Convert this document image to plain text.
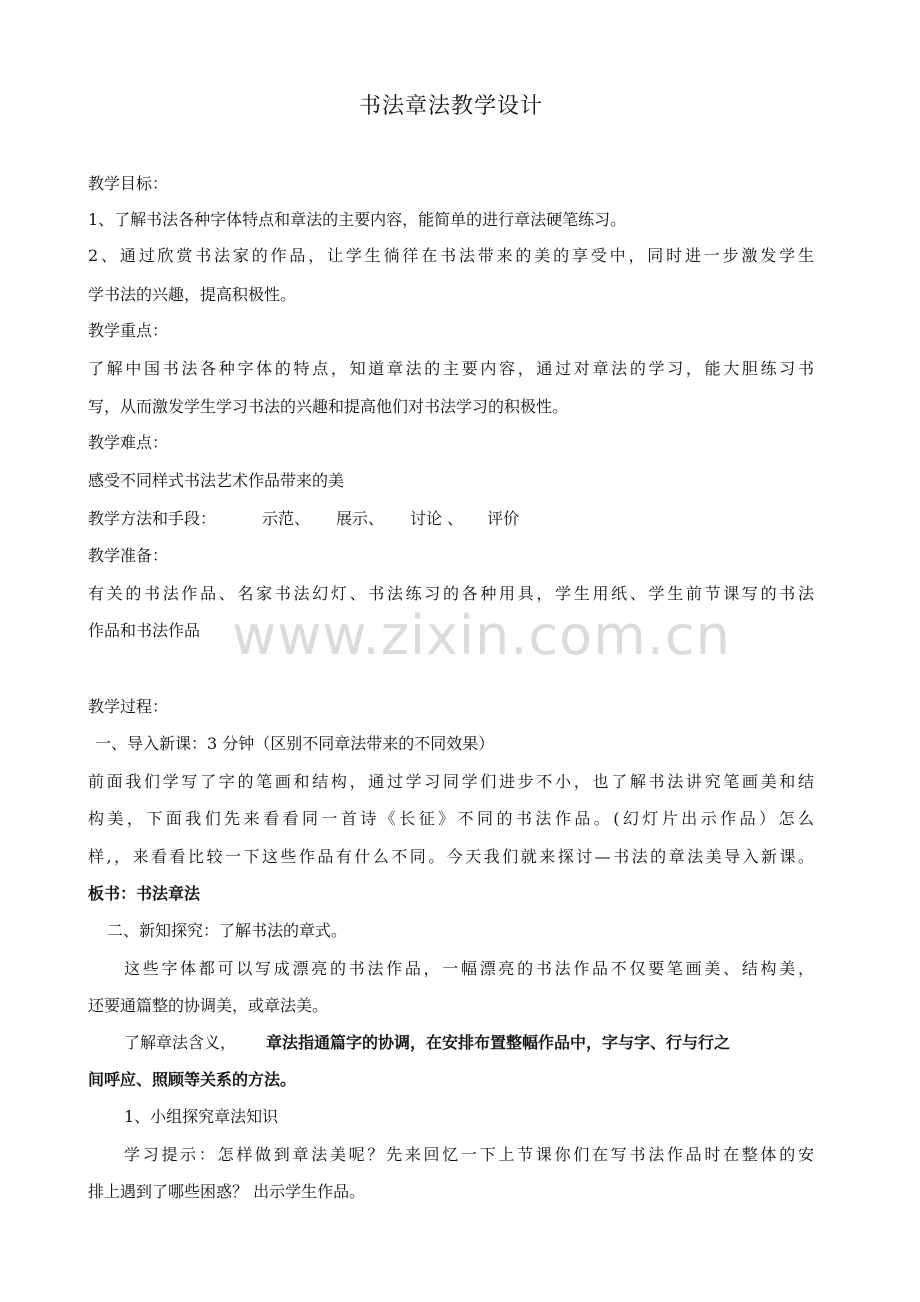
书法章法教学设计
教学目标：
1、了解书法各种字体特点和章法的主要内容，能简单的进行章法硬笔练习。
2、通过欣赏书法家的作品，让学生徜徉在书法带来的美的享受中，同时进一步激发学生
学书法的兴趣，提高积极性。
教学重点：
了解中国书法各种字体的特点，知道章法的主要内容，通过对章法的学习，能大胆练习书
写，从而激发学生学习书法的兴趣和提高他们对书法学习的积极性。
教学难点：
感受不同样式书法艺术作品带来的美
教学方法和手段：	示范、 展示、 讨论 、 评价
教学准备：
有关的书法作品、名家书法幻灯、书法练习的各种用具，学生用纸、学生前节课写的书法
作品和书法作品
教学过程：
一、导入新课：3 分钟（区别不同章法带来的不同效果）
前面我们学写了字的笔画和结构，通过学习同学们进步不小，也了解书法讲究笔画美和结
构美，下面我们先来看看同一首诗《长征》不同的书法作品。(幻灯片出示作品）怎么
样,，来看看比较一下这些作品有什么不同。今天我们就来探讨—书法的章法美导入新课。
板书：书法章法
二、新知探究：了解书法的章式。
这些字体都可以写成漂亮的书法作品，一幅漂亮的书法作品不仅要笔画美、结构美，
还要通篇整的协调美，或章法美。
了解章法含义， 章法指通篇字的协调，在安排布置整幅作品中，字与字、行与行之
间呼应、照顾等关系的方法。
1、小组探究章法知识
学习提示：怎样做到章法美呢？先来回忆一下上节课你们在写书法作品时在整体的安
排上遇到了哪些困惑？ 出示学生作品。
www.zixin.com.cn
